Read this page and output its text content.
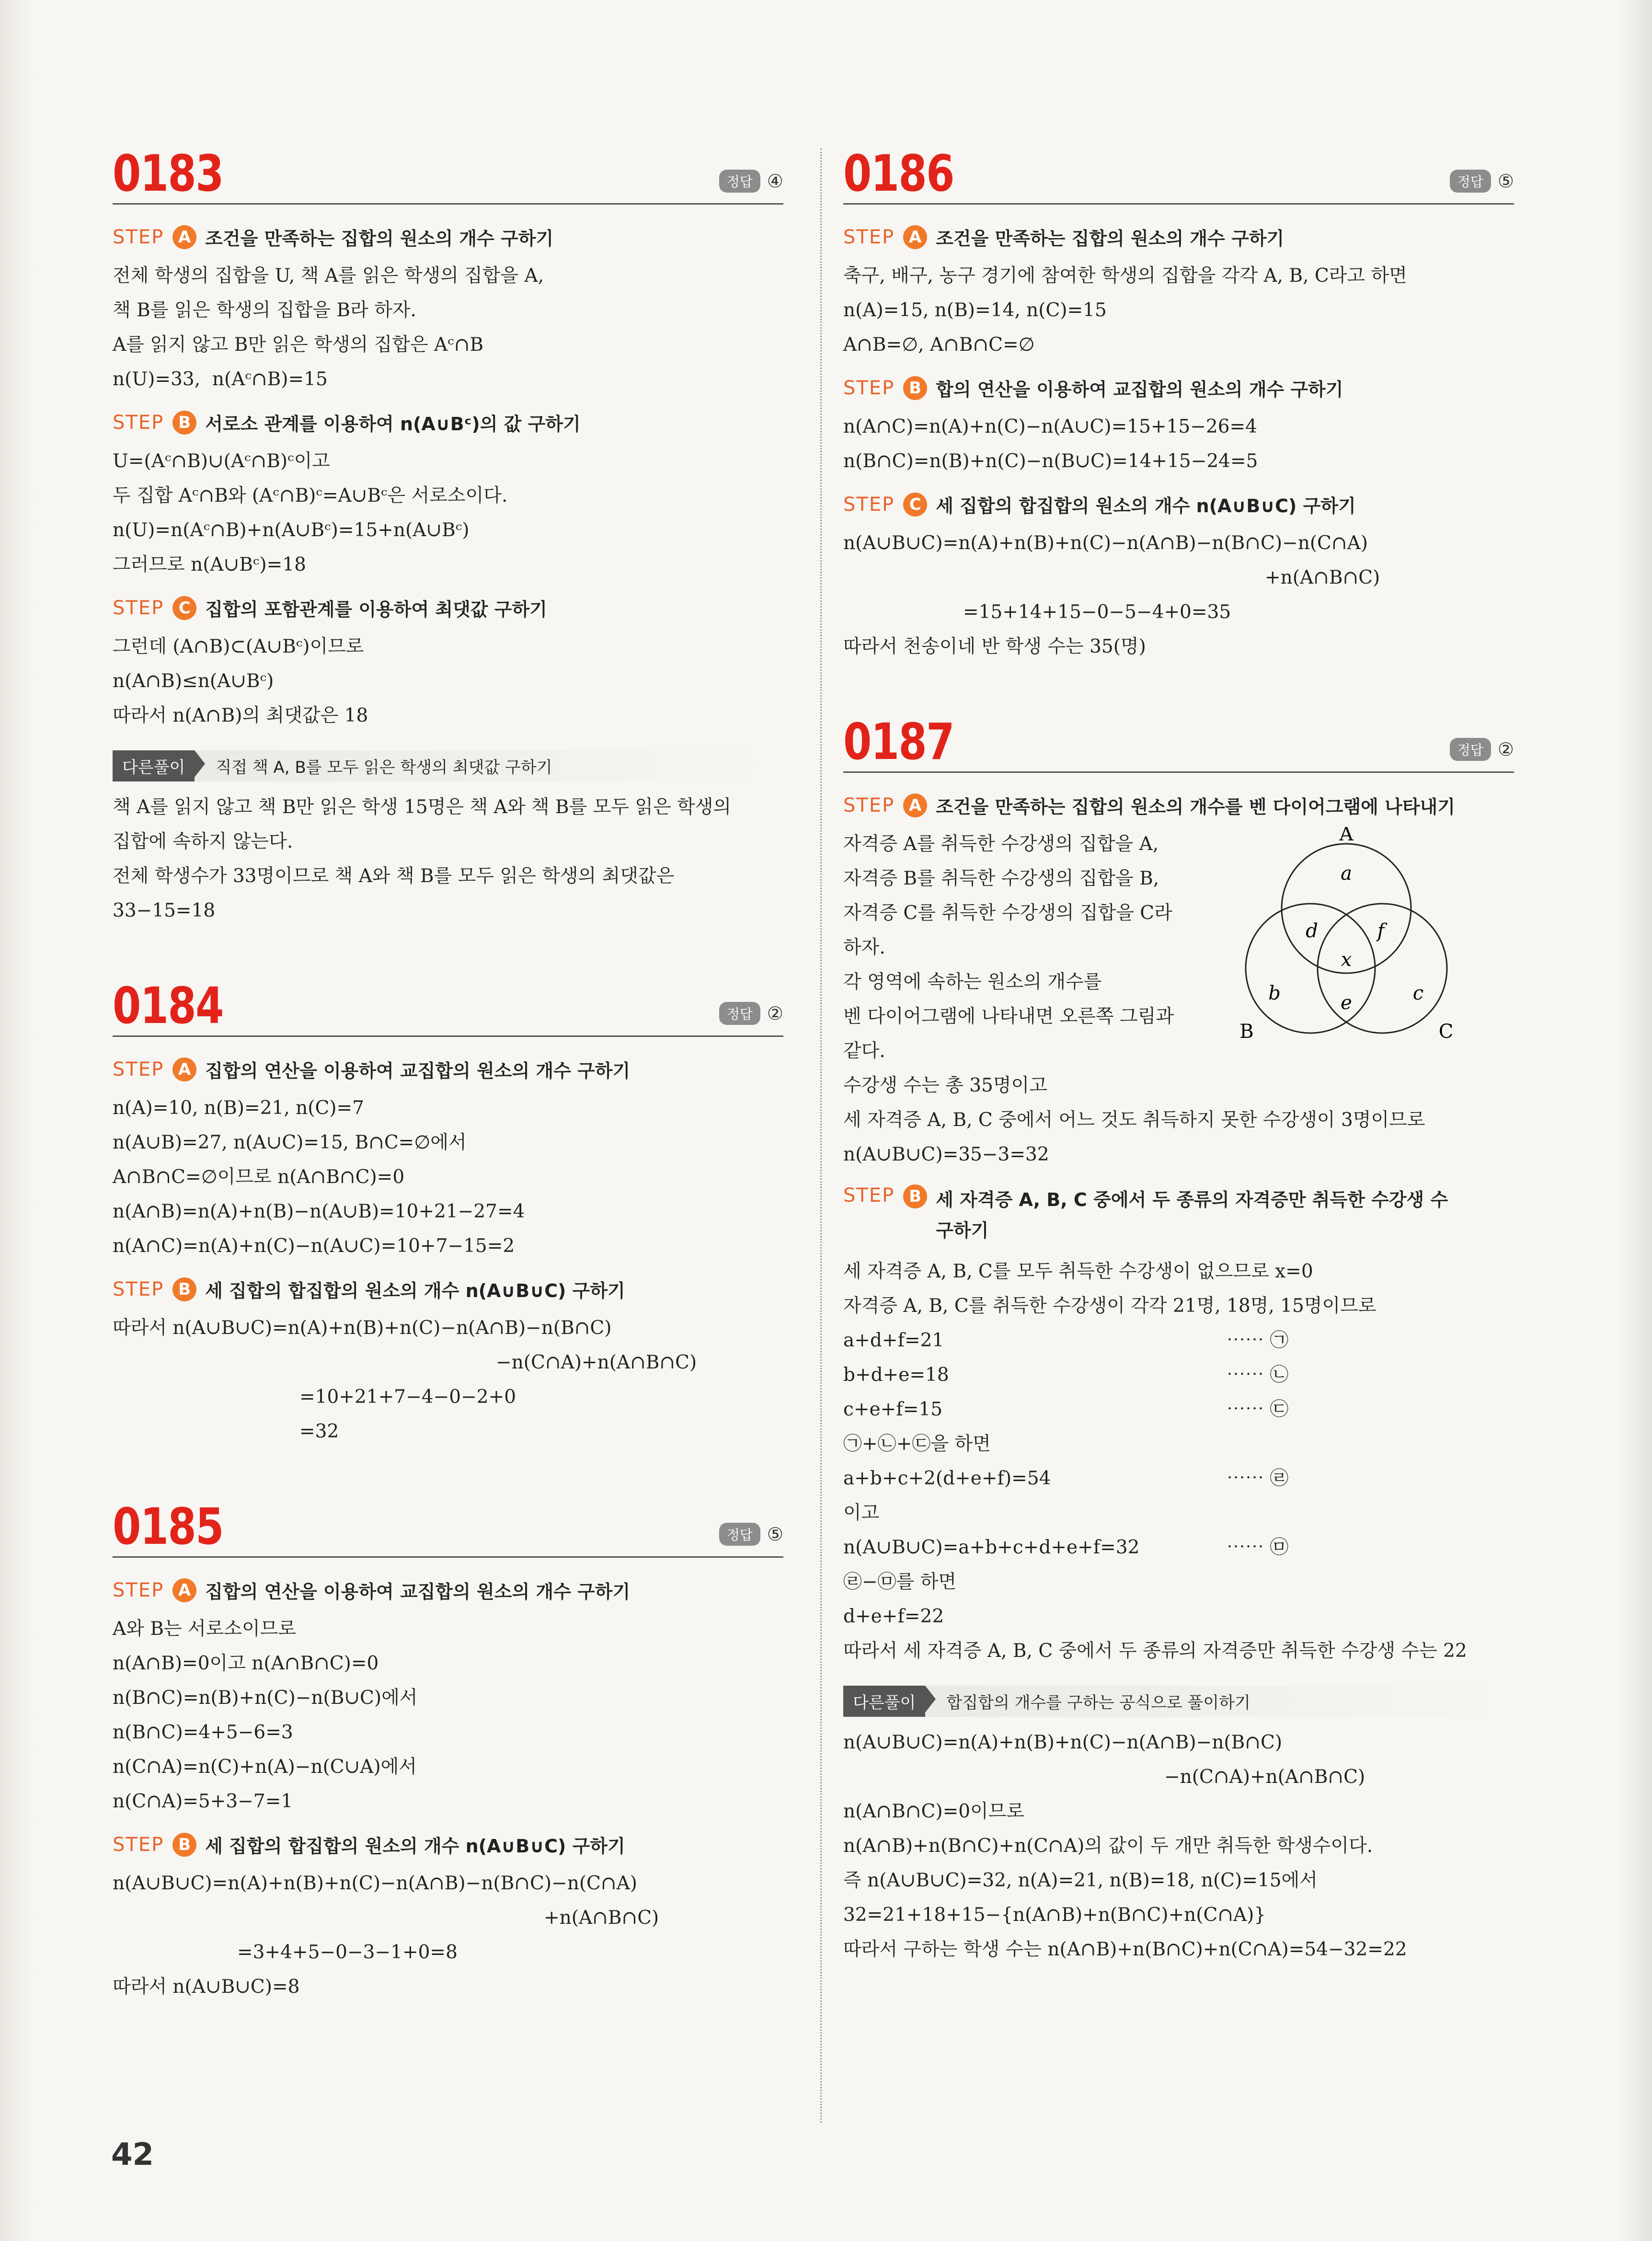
0183	정답 ④
STEP A 조건을 만족하는 집합의 원소의 개수 구하기
전체 학생의 집합을 U, 책 A를 읽은 학생의 집합을 A,
책 B를 읽은 학생의 집합을 B라 하자.
A를 읽지 않고 B만 읽은 학생의 집합은 Aᶜ∩B
n(U)=33,  n(Aᶜ∩B)=15
STEP B 서로소 관계를 이용하여 n(A∪Bᶜ)의 값 구하기
U=(Aᶜ∩B)∪(Aᶜ∩B)ᶜ이고
두 집합 Aᶜ∩B와 (Aᶜ∩B)ᶜ=A∪Bᶜ은 서로소이다.
n(U)=n(Aᶜ∩B)+n(A∪Bᶜ)=15+n(A∪Bᶜ)
그러므로 n(A∪Bᶜ)=18
STEP C 집합의 포함관계를 이용하여 최댓값 구하기
그런데 (A∩B)⊂(A∪Bᶜ)이므로
n(A∩B)≤n(A∪Bᶜ)
따라서 n(A∩B)의 최댓값은 18
다른풀이	직접 책 A, B를 모두 읽은 학생의 최댓값 구하기
책 A를 읽지 않고 책 B만 읽은 학생 15명은 책 A와 책 B를 모두 읽은 학생의
집합에 속하지 않는다.
전체 학생수가 33명이므로 책 A와 책 B를 모두 읽은 학생의 최댓값은
33−15=18
0184	정답 ②
STEP A 집합의 연산을 이용하여 교집합의 원소의 개수 구하기
n(A)=10, n(B)=21, n(C)=7
n(A∪B)=27, n(A∪C)=15, B∩C=∅에서
A∩B∩C=∅이므로 n(A∩B∩C)=0
n(A∩B)=n(A)+n(B)−n(A∪B)=10+21−27=4
n(A∩C)=n(A)+n(C)−n(A∪C)=10+7−15=2
STEP B 세 집합의 합집합의 원소의 개수 n(A∪B∪C) 구하기
따라서 n(A∪B∪C)=n(A)+n(B)+n(C)−n(A∩B)−n(B∩C)
−n(C∩A)+n(A∩B∩C)
=10+21+7−4−0−2+0
=32
0185	정답 ⑤
STEP A 집합의 연산을 이용하여 교집합의 원소의 개수 구하기
A와 B는 서로소이므로
n(A∩B)=0이고 n(A∩B∩C)=0
n(B∩C)=n(B)+n(C)−n(B∪C)에서
n(B∩C)=4+5−6=3
n(C∩A)=n(C)+n(A)−n(C∪A)에서
n(C∩A)=5+3−7=1
STEP B 세 집합의 합집합의 원소의 개수 n(A∪B∪C) 구하기
n(A∪B∪C)=n(A)+n(B)+n(C)−n(A∩B)−n(B∩C)−n(C∩A)
+n(A∩B∩C)
=3+4+5−0−3−1+0=8
따라서 n(A∪B∪C)=8
0186	정답 ⑤
STEP A 조건을 만족하는 집합의 원소의 개수 구하기
축구, 배구, 농구 경기에 참여한 학생의 집합을 각각 A, B, C라고 하면
n(A)=15, n(B)=14, n(C)=15
A∩B=∅, A∩B∩C=∅
STEP B 합의 연산을 이용하여 교집합의 원소의 개수 구하기
n(A∩C)=n(A)+n(C)−n(A∪C)=15+15−26=4
n(B∩C)=n(B)+n(C)−n(B∪C)=14+15−24=5
STEP C 세 집합의 합집합의 원소의 개수 n(A∪B∪C) 구하기
n(A∪B∪C)=n(A)+n(B)+n(C)−n(A∩B)−n(B∩C)−n(C∩A)
+n(A∩B∩C)
=15+14+15−0−5−4+0=35
따라서 천송이네 반 학생 수는 35(명)
0187	정답 ②
STEP A 조건을 만족하는 집합의 원소의 개수를 벤 다이어그램에 나타내기
A
B	C
a
b	c
d
e
f
x
자격증 A를 취득한 수강생의 집합을 A,
자격증 B를 취득한 수강생의 집합을 B,
자격증 C를 취득한 수강생의 집합을 C라
하자.
각 영역에 속하는 원소의 개수를
벤 다이어그램에 나타내면 오른쪽 그림과
같다.
수강생 수는 총 35명이고
세 자격증 A, B, C 중에서 어느 것도 취득하지 못한 수강생이 3명이므로
n(A∪B∪C)=35−3=32
STEP B 세 자격증 A, B, C 중에서 두 종류의 자격증만 취득한 수강생 수
구하기
세 자격증 A, B, C를 모두 취득한 수강생이 없으므로 x=0
자격증 A, B, C를 취득한 수강생이 각각 21명, 18명, 15명이므로
a+d+f=21	⋯⋯ ㉠
b+d+e=18	⋯⋯ ㉡
c+e+f=15	⋯⋯ ㉢
㉠+㉡+㉢을 하면
a+b+c+2(d+e+f)=54	⋯⋯ ㉣
이고
n(A∪B∪C)=a+b+c+d+e+f=32	⋯⋯ ㉤
㉣−㉤를 하면
d+e+f=22
따라서 세 자격증 A, B, C 중에서 두 종류의 자격증만 취득한 수강생 수는 22
다른풀이	합집합의 개수를 구하는 공식으로 풀이하기
n(A∪B∪C)=n(A)+n(B)+n(C)−n(A∩B)−n(B∩C)
−n(C∩A)+n(A∩B∩C)
n(A∩B∩C)=0이므로
n(A∩B)+n(B∩C)+n(C∩A)의 값이 두 개만 취득한 학생수이다.
즉 n(A∪B∪C)=32, n(A)=21, n(B)=18, n(C)=15에서
32=21+18+15−{n(A∩B)+n(B∩C)+n(C∩A)}
따라서 구하는 학생 수는 n(A∩B)+n(B∩C)+n(C∩A)=54−32=22
42
